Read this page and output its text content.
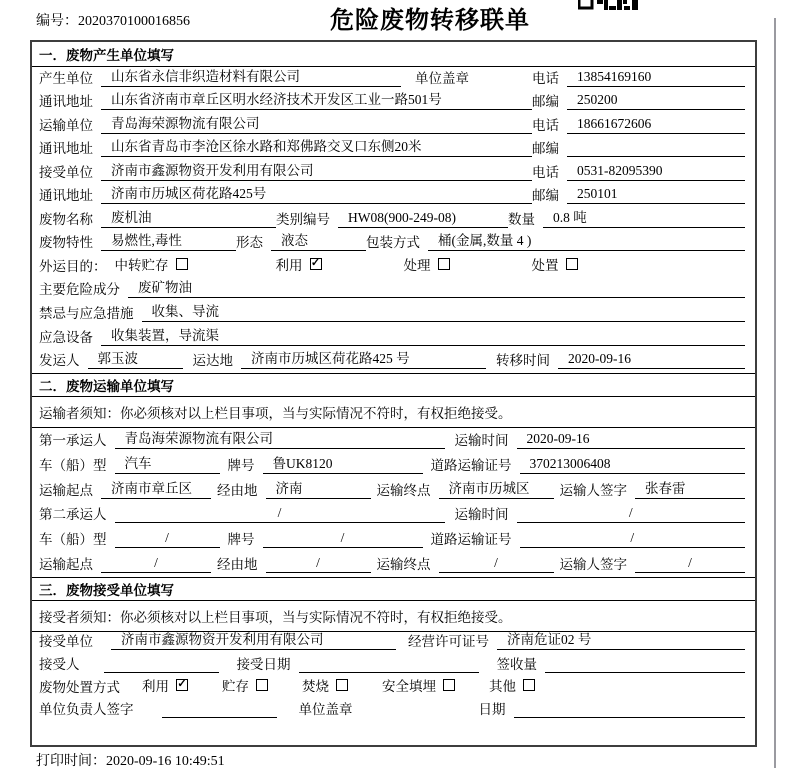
编号：2020370100016856	危险废物转移联单
一．废物产生单位填写
产生单位	山东省永信非织造材料有限公司	单位盖章	电话	13854169160
通讯地址	山东省济南市章丘区明水经济技术开发区工业一路501号	邮编	250200
运输单位	青岛海荣源物流有限公司	电话	18661672606
通讯地址	山东省青岛市李沧区徐水路和郑佛路交叉口东侧20米	邮编
接受单位	济南市鑫源物资开发利用有限公司	电话	0531-82095390
通讯地址	济南市历城区荷花路425号	邮编	250101
废物名称	废机油	类别编号	HW08(900-249-08)	数量	0.8 吨
废物特性	易燃性,毒性	形态	液态	包装方式	桶(金属,数量 4 )
外运目的： 中转贮存	利用 ✓	处理	处置
主要危险成分	废矿物油
禁忌与应急措施	收集、导流
应急设备	收集装置，导流渠
发运人	郭玉波	运达地	济南市历城区荷花路425 号	转移时间	2020-09-16
二．废物运输单位填写
运输者须知：你必须核对以上栏目事项，当与实际情况不符时，有权拒绝接受。
第一承运人	青岛海荣源物流有限公司	运输时间	2020-09-16
车（船）型	汽车	牌号	鲁UK8120	道路运输证号	370213006408
运输起点	济南市章丘区	经由地	济南	运输终点	济南市历城区	运输人签字	张春雷
第二承运人	/	运输时间	/
车（船）型	/	牌号	/	道路运输证号	/
运输起点	/	经由地	/	运输终点	/	运输人签字	/
三．废物接受单位填写
接受者须知：你必须核对以上栏目事项，当与实际情况不符时，有权拒绝接受。
接受单位	济南市鑫源物资开发利用有限公司	经营许可证号	济南危证02 号
接受人	接受日期	签收量
废物处置方式 利用 ✓	贮存	焚烧	安全填埋	其他
单位负责人签字	单位盖章	日期
打印时间：2020-09-16 10:49:51
